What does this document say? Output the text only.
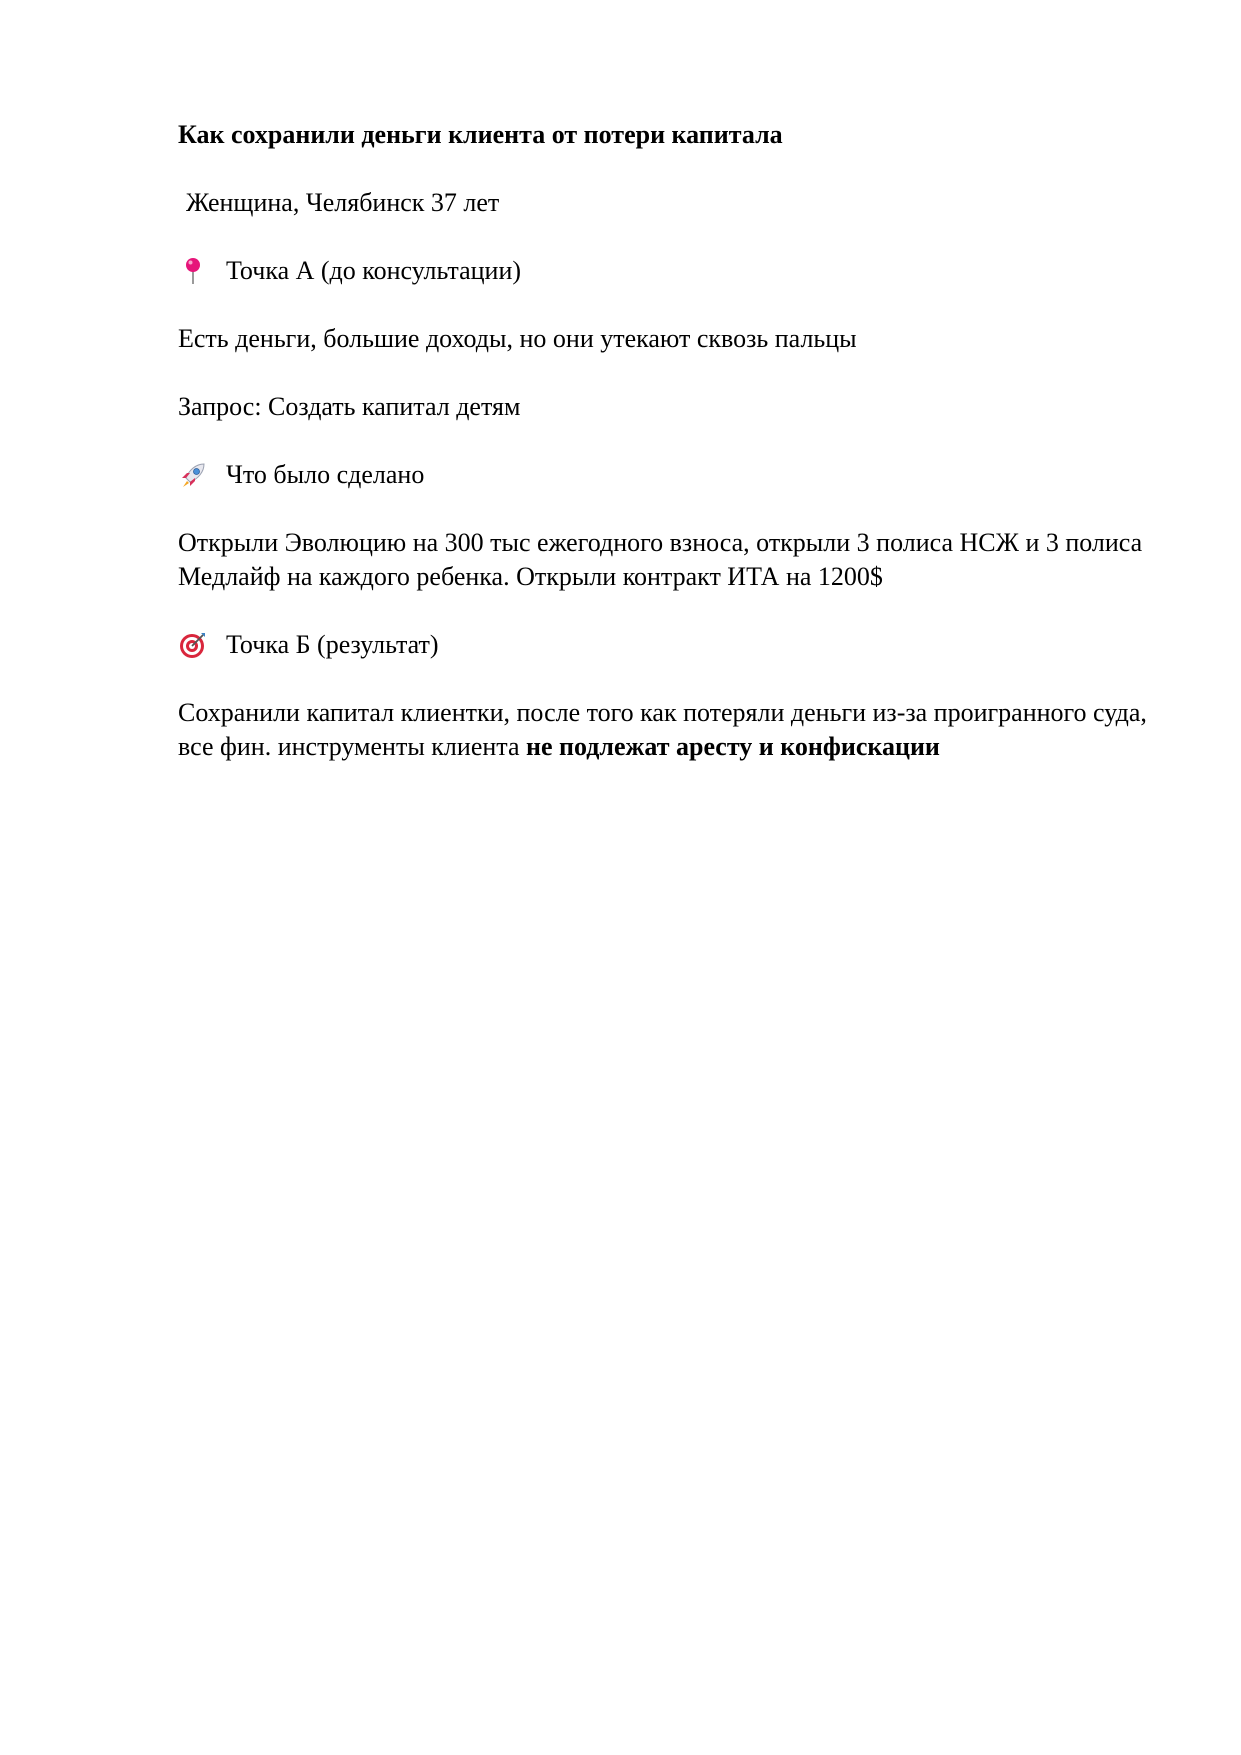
Как сохранили деньги клиента от потери капитала

Женщина, Челябинск 37 лет

Точка А (до консультации)

Есть деньги, большие доходы, но они утекают сквозь пальцы

Запрос: Создать капитал детям

Что было сделано

Открыли Эволюцию на 300 тыс ежегодного взноса, открыли 3 полиса НСЖ и 3 полиса Медлайф на каждого ребенка. Открыли контракт ИТА на 1200$

Точка Б (результат)

Сохранили капитал клиентки, после того как потеряли деньги из-за проигранного суда, все фин. инструменты клиента не подлежат аресту и конфискации
